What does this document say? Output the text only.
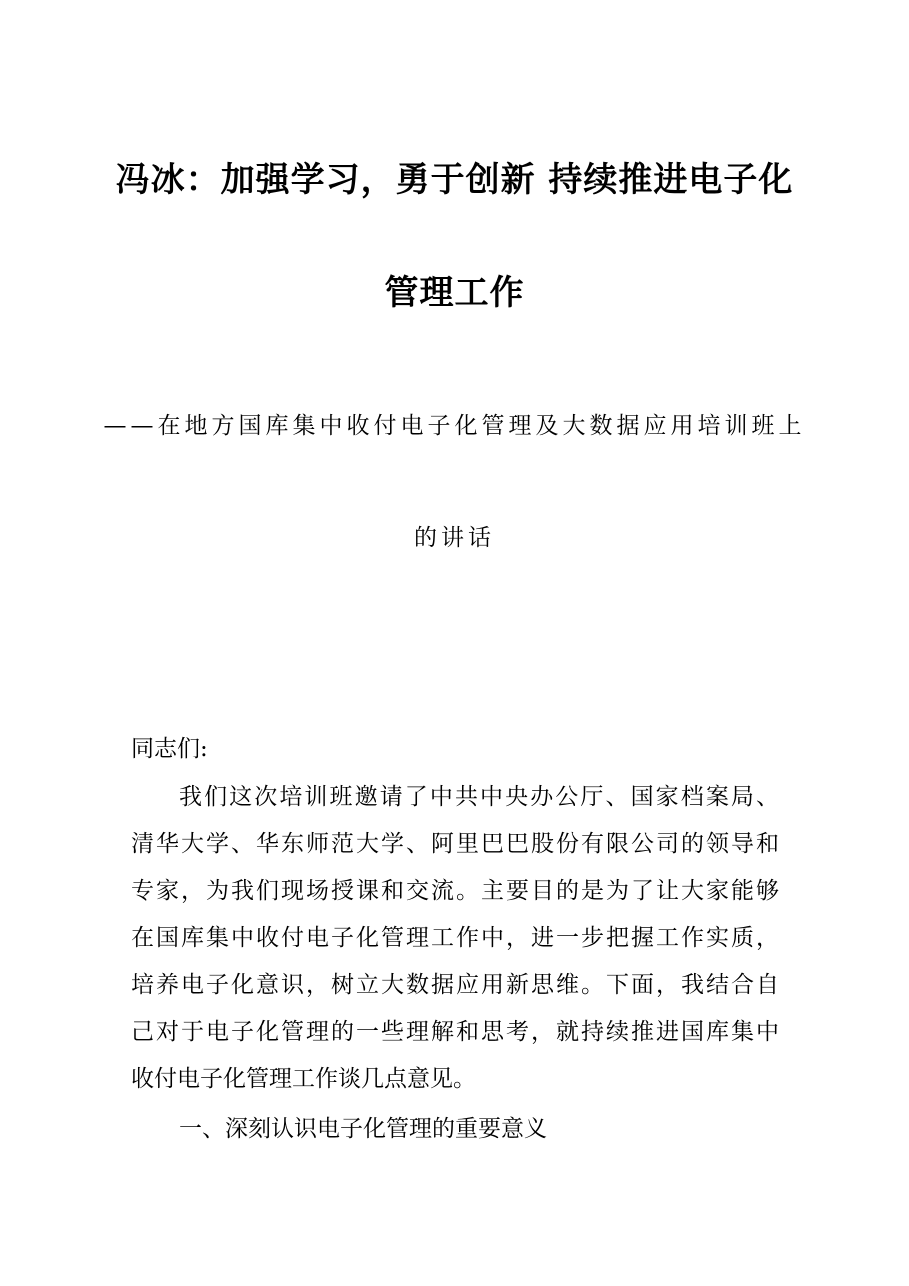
冯冰：加强学习，勇于创新 持续推进电子化
管理工作

——在地方国库集中收付电子化管理及大数据应用培训班上

的讲话

同志们:

我们这次培训班邀请了中共中央办公厅、国家档案局、
清华大学、华东师范大学、阿里巴巴股份有限公司的领导和
专家，为我们现场授课和交流。主要目的是为了让大家能够
在国库集中收付电子化管理工作中，进一步把握工作实质，
培养电子化意识，树立大数据应用新思维。下面，我结合自
己对于电子化管理的一些理解和思考，就持续推进国库集中
收付电子化管理工作谈几点意见。

一、深刻认识电子化管理的重要意义
